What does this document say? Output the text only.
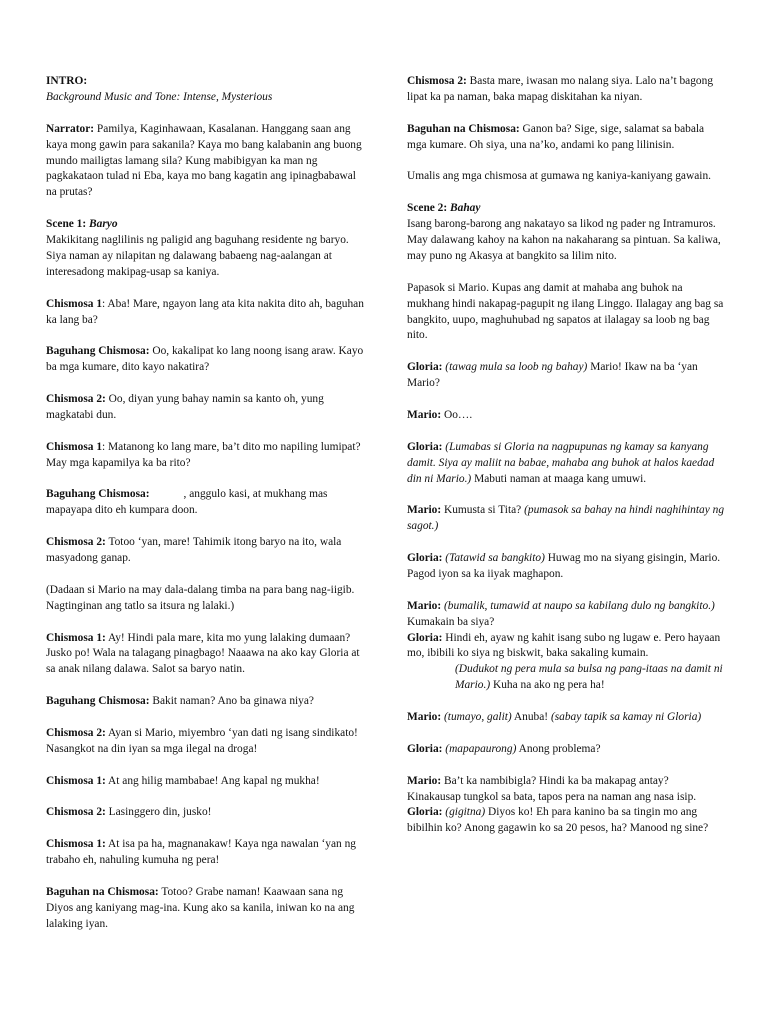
INTRO:

Background Music and Tone: Intense, Mysterious

Narrator: Pamilya, Kaginhawaan, Kasalanan. Hanggang saan ang kaya mong gawin para sakanila? Kaya mo bang kalabanin ang buong mundo mailigtas lamang sila? Kung mabibigyan ka man ng pagkakataon tulad ni Eba, kaya mo bang kagatin ang ipinagbabawal na prutas?

Scene 1: Baryo
Makikitang naglilinis ng paligid ang baguhang residente ng baryo. Siya naman ay nilapitan ng dalawang babaeng nag-aalangan at interesadong makipag-usap sa kaniya.

Chismosa 1: Aba! Mare, ngayon lang ata kita nakita dito ah, baguhan ka lang ba?

Baguhang Chismosa: Oo, kakalipat ko lang noong isang araw. Kayo ba mga kumare, dito kayo nakatira?

Chismosa 2: Oo, diyan yung bahay namin sa kanto oh, yung magkatabi dun.

Chismosa 1: Matanong ko lang mare, ba’t dito mo napiling lumipat? May mga kapamilya ka ba rito?

Baguhang Chismosa:	, anggulo kasi, at mukhang mas mapayapa dito eh kumpara doon.

Chismosa 2: Totoo ‘yan, mare! Tahimik itong baryo na ito, wala masyadong ganap.

(Dadaan si Mario na may dala-dalang timba na para bang nag-iigib. Nagtinginan ang tatlo sa itsura ng lalaki.)

Chismosa 1: Ay! Hindi pala mare, kita mo yung lalaking dumaan? Jusko po! Wala na talagang pinagbago! Naaawa na ako kay Gloria at sa anak nilang dalawa. Salot sa baryo natin.

Baguhang Chismosa: Bakit naman? Ano ba ginawa niya?

Chismosa 2: Ayan si Mario, miyembro ‘yan dati ng isang sindikato! Nasangkot na din iyan sa mga ilegal na droga!

Chismosa 1: At ang hilig mambabae! Ang kapal ng mukha!

Chismosa 2: Lasinggero din, jusko!

Chismosa 1: At isa pa ha, magnanakaw! Kaya nga nawalan ‘yan ng trabaho eh, nahuling kumuha ng pera!

Baguhan na Chismosa: Totoo? Grabe naman! Kaawaan sana ng Diyos ang kaniyang mag-ina. Kung ako sa kanila, iniwan ko na ang lalaking iyan.

Chismosa 2: Basta mare, iwasan mo nalang siya. Lalo na’t bagong lipat ka pa naman, baka mapag diskitahan ka niyan.

Baguhan na Chismosa: Ganon ba? Sige, sige, salamat sa babala mga kumare. Oh siya, una na’ko, andami ko pang lilinisin.

Umalis ang mga chismosa at gumawa ng kaniya-kaniyang gawain.

Scene 2: Bahay
Isang barong-barong ang nakatayo sa likod ng pader ng Intramuros. May dalawang kahoy na kahon na nakaharang sa pintuan. Sa kaliwa, may puno ng Akasya at bangkito sa lilim nito.

Papasok si Mario. Kupas ang damit at mahaba ang buhok na mukhang hindi nakapag-pagupit ng ilang Linggo. Ilalagay ang bag sa bangkito, uupo, maghuhubad ng sapatos at ilalagay sa loob ng bag nito.

Gloria: (tawag mula sa loob ng bahay) Mario! Ikaw na ba ‘yan Mario?

Mario: Oo….

Gloria: (Lumabas si Gloria na nagpupunas ng kamay sa kanyang damit. Siya ay maliit na babae, mahaba ang buhok at halos kaedad din ni Mario.) Mabuti naman at maaga kang umuwi.

Mario: Kumusta si Tita? (pumasok sa bahay na hindi naghihintay ng sagot.)

Gloria: (Tatawid sa bangkito) Huwag mo na siyang gisingin, Mario. Pagod iyon sa ka iiyak maghapon.

Mario: (bumalik, tumawid at naupo sa kabilang dulo ng bangkito.) Kumakain ba siya?

Gloria: Hindi eh, ayaw ng kahit isang subo ng lugaw e. Pero hayaan mo, ibibili ko siya ng biskwit, baka sakaling kumain.

(Dudukot ng pera mula sa bulsa ng pang-itaas na damit ni Mario.) Kuha na ako ng pera ha!

Mario: (tumayo, galit) Anuba! (sabay tapik sa kamay ni Gloria)

Gloria: (mapapaurong) Anong problema?

Mario: Ba’t ka nambibigla? Hindi ka ba makapag antay? Kinakausap tungkol sa bata, tapos pera na naman ang nasa isip.

Gloria: (gigitna) Diyos ko! Eh para kanino ba sa tingin mo ang bibilhin ko? Anong gagawin ko sa 20 pesos, ha? Manood ng sine?
